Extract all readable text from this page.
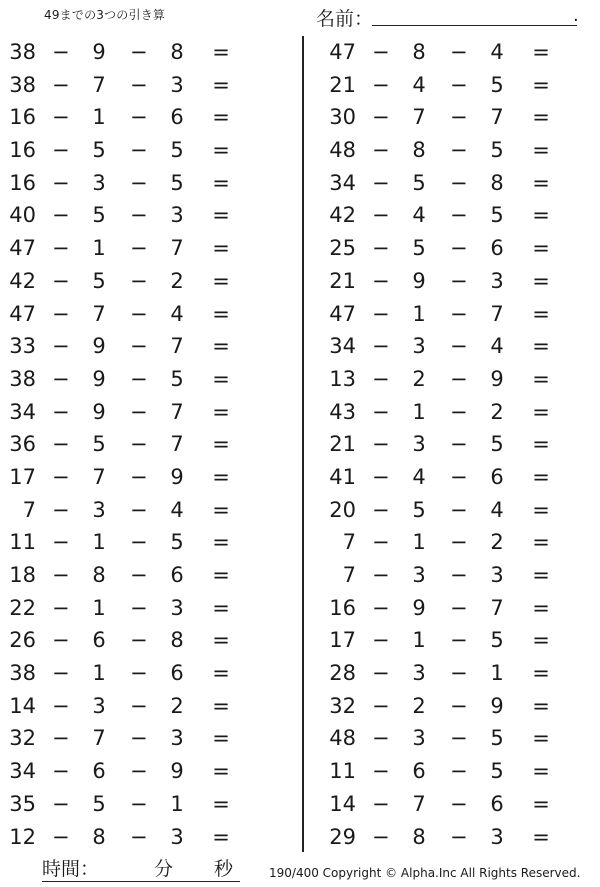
49までの3つの引き算	名前：	.
38 − 9 − 8 =
38 − 7 − 3 =
16 − 1 − 6 =
16 − 5 − 5 =
16 − 3 − 5 =
40 − 5 − 3 =
47 − 1 − 7 =
42 − 5 − 2 =
47 − 7 − 4 =
33 − 9 − 7 =
38 − 9 − 5 =
34 − 9 − 7 =
36 − 5 − 7 =
17 − 7 − 9 =
7 − 3 − 4 =
11 − 1 − 5 =
18 − 8 − 6 =
22 − 1 − 3 =
26 − 6 − 8 =
38 − 1 − 6 =
14 − 3 − 2 =
32 − 7 − 3 =
34 − 6 − 9 =
35 − 5 − 1 =
12 − 8 − 3 =
47 − 8 − 4 =
21 − 4 − 5 =
30 − 7 − 7 =
48 − 8 − 5 =
34 − 5 − 8 =
42 − 4 − 5 =
25 − 5 − 6 =
21 − 9 − 3 =
47 − 1 − 7 =
34 − 3 − 4 =
13 − 2 − 9 =
43 − 1 − 2 =
21 − 3 − 5 =
41 − 4 − 6 =
20 − 5 − 4 =
7 − 1 − 2 =
7 − 3 − 3 =
16 − 9 − 7 =
17 − 1 − 5 =
28 − 3 − 1 =
32 − 2 − 9 =
48 − 3 − 5 =
11 − 6 − 5 =
14 − 7 − 6 =
29 − 8 − 3 =
時間：	分 秒	190/400 Copyright © Alpha.Inc All Rights Reserved.
